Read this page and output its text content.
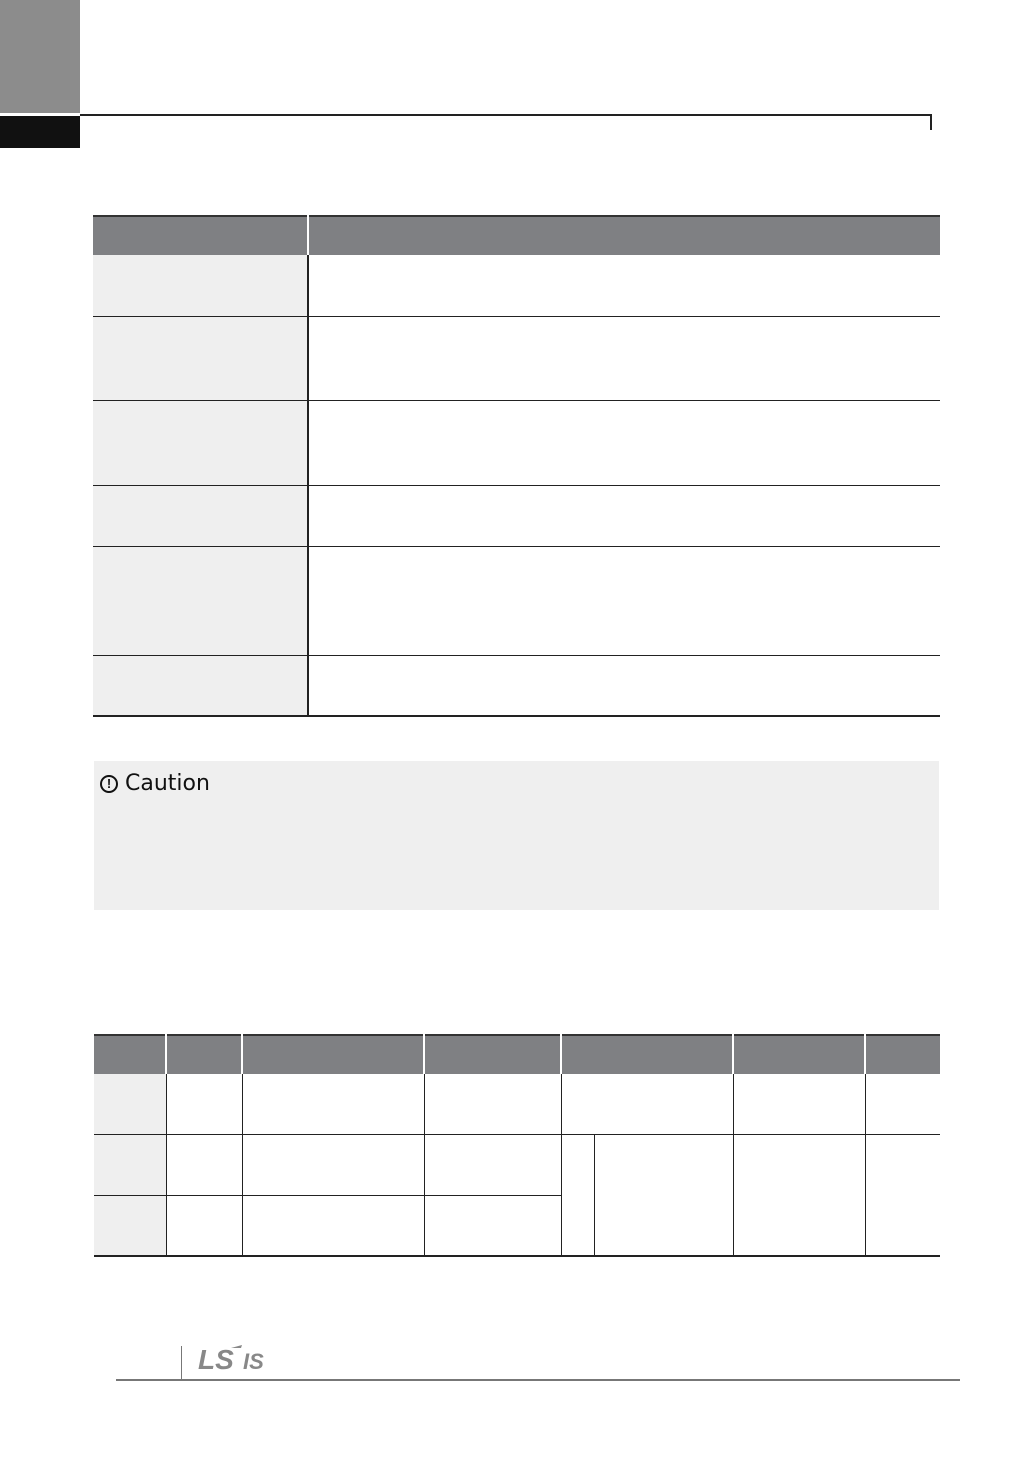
! Caution

LS IS
